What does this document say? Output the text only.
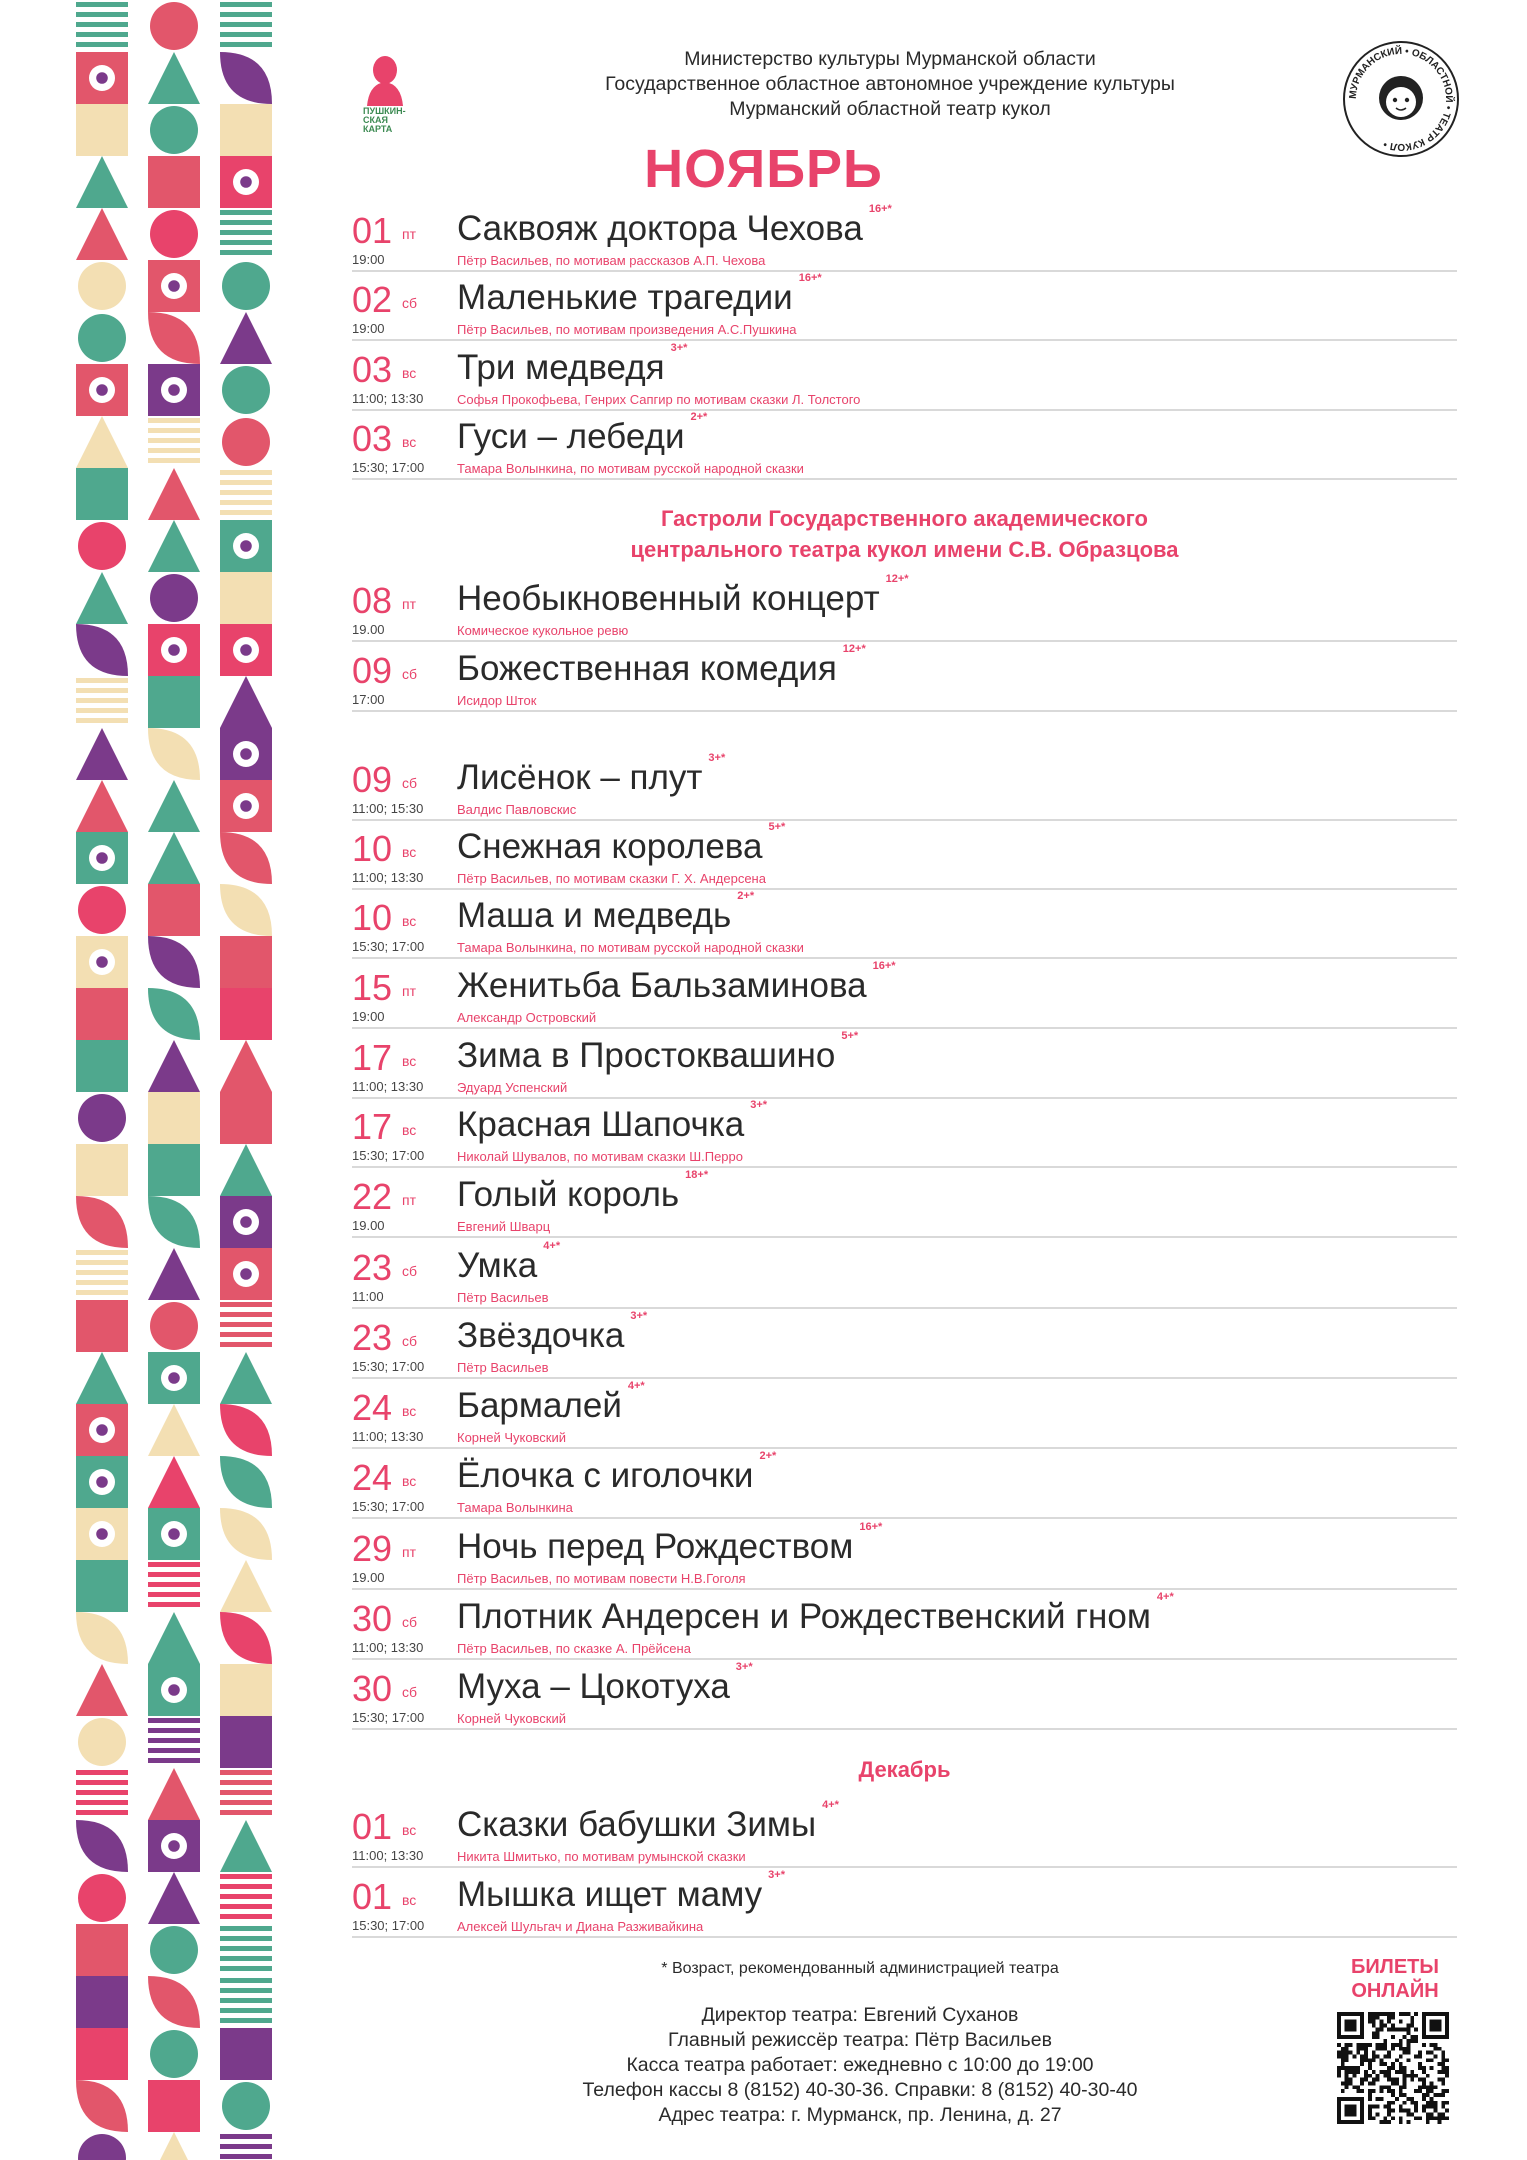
Министерство культуры Мурманской области
Государственное областное автономное учреждение культуры
Мурманский областной театр кукол
ПУШКИН-
СКАЯ
КАРТА
МУРМАНСКИЙ • ОБЛАСТНОЙ • ТЕАТР КУКОЛ •
НОЯБРЬ
01 пт
19:00
Саквояж доктора Чехова $^{16+*}$
Пётр Васильев, по мотивам рассказов А.П. Чехова
02 сб
19:00
Маленькие трагедии $^{16+*}$
Пётр Васильев, по мотивам произведения А.С.Пушкина
03 вс
11:00; 13:30
Три медведя $^{3+*}$
Софья Прокофьева, Генрих Сапгир по мотивам сказки Л. Толстого
03 вс
15:30; 17:00
Гуси – лебеди $^{2+*}$
Тамара Волынкина, по мотивам русской народной сказки
08 пт
19.00
Необыкновенный концерт $^{12+*}$
Комическое кукольное ревю
09 сб
17:00
Божественная комедия $^{12+*}$
Исидор Шток
09 сб
11:00; 15:30
Лисёнок – плут $^{3+*}$
Валдис Павловскис
10 вс
11:00; 13:30
Снежная королева $^{5+*}$
Пётр Васильев, по мотивам сказки Г. Х. Андерсена
10 вс
15:30; 17:00
Маша и медведь $^{2+*}$
Тамара Волынкина, по мотивам русской народной сказки
15 пт
19:00
Женитьба Бальзаминова $^{16+*}$
Александр Островский
17 вс
11:00; 13:30
Зима в Простоквашино $^{5+*}$
Эдуард Успенский
17 вс
15:30; 17:00
Красная Шапочка $^{3+*}$
Николай Шувалов, по мотивам сказки Ш.Перро
22 пт
19.00
Голый король $^{18+*}$
Евгений Шварц
23 сб
11:00
Умка $^{4+*}$
Пётр Васильев
23 сб
15:30; 17:00
Звёздочка $^{3+*}$
Пётр Васильев
24 вс
11:00; 13:30
Бармалей $^{4+*}$
Корней Чуковский
24 вс
15:30; 17:00
Ёлочка с иголочки $^{2+*}$
Тамара Волынкина
29 пт
19.00
Ночь перед Рождеством $^{16+*}$
Пётр Васильев, по мотивам повести Н.В.Гоголя
30 сб
11:00; 13:30
Плотник Андерсен и Рождественский гном $^{4+*}$
Пётр Васильев, по сказке А. Прёйсена
30 сб
15:30; 17:00
Муха – Цокотуха $^{3+*}$
Корней Чуковский
01 вс
11:00; 13:30
Сказки бабушки Зимы $^{4+*}$
Никита Шмитько, по мотивам румынской сказки
01 вс
15:30; 17:00
Мышка ищет маму $^{3+*}$
Алексей Шульгач и Диана Разживайкина
Гастроли Государственного академического
центрального театра кукол имени С.В. Образцова
Декабрь
* Возраст, рекомендованный администрацией театра
Директор театра: Евгений Суханов
Главный режиссёр театра: Пётр Васильев
Касса театра работает: ежедневно с 10:00 до 19:00
Телефон кассы 8 (8152) 40-30-36. Справки: 8 (8152) 40-30-40
Адрес театра: г. Мурманск, пр. Ленина, д. 27
БИЛЕТЫ
ОНЛАЙН
